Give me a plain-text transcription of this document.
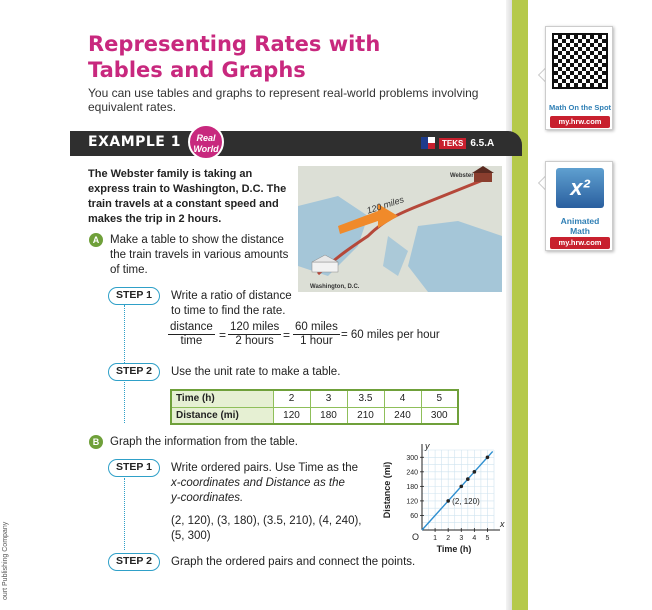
ourt Publishing Company
Representing Rates with
Tables and Graphs
You can use tables and graphs to represent real-world problems involving equivalent rates.
EXAMPLE 1	Real
World
TEKS 6.5.A
The Webster family is taking an express train to Washington, D.C. The train travels at a constant speed and makes the trip in 2 hours.
Webster
Washington, D.C.
120 miles
A Make a table to show the distance the train travels in various amounts of time.
STEP 1	Write a ratio of distance to time to find the rate.
distance
time	=
120 miles
2 hours =
60 miles
1 hour = 60 miles per hour
STEP 2	Use the unit rate to make a table.
Time (h)	2	3	3.5	4	5
Distance (mi)	120	180	210	240	300
B Graph the information from the table.
STEP 1	Write ordered pairs. Use Time as the
x-coordinates and Distance as the
y-coordinates.
(2, 120), (3, 180), (3.5, 210), (4, 240),
(5, 300)
STEP 2	Graph the ordered pairs and connect the points.
1 2 3 4 5
60
120
180
240
300
Time (h)
Distance (mi)
x
y
O
(2, 120)
Math On the Spot
my.hrw.com
x²
Animated
Math
my.hrw.com
